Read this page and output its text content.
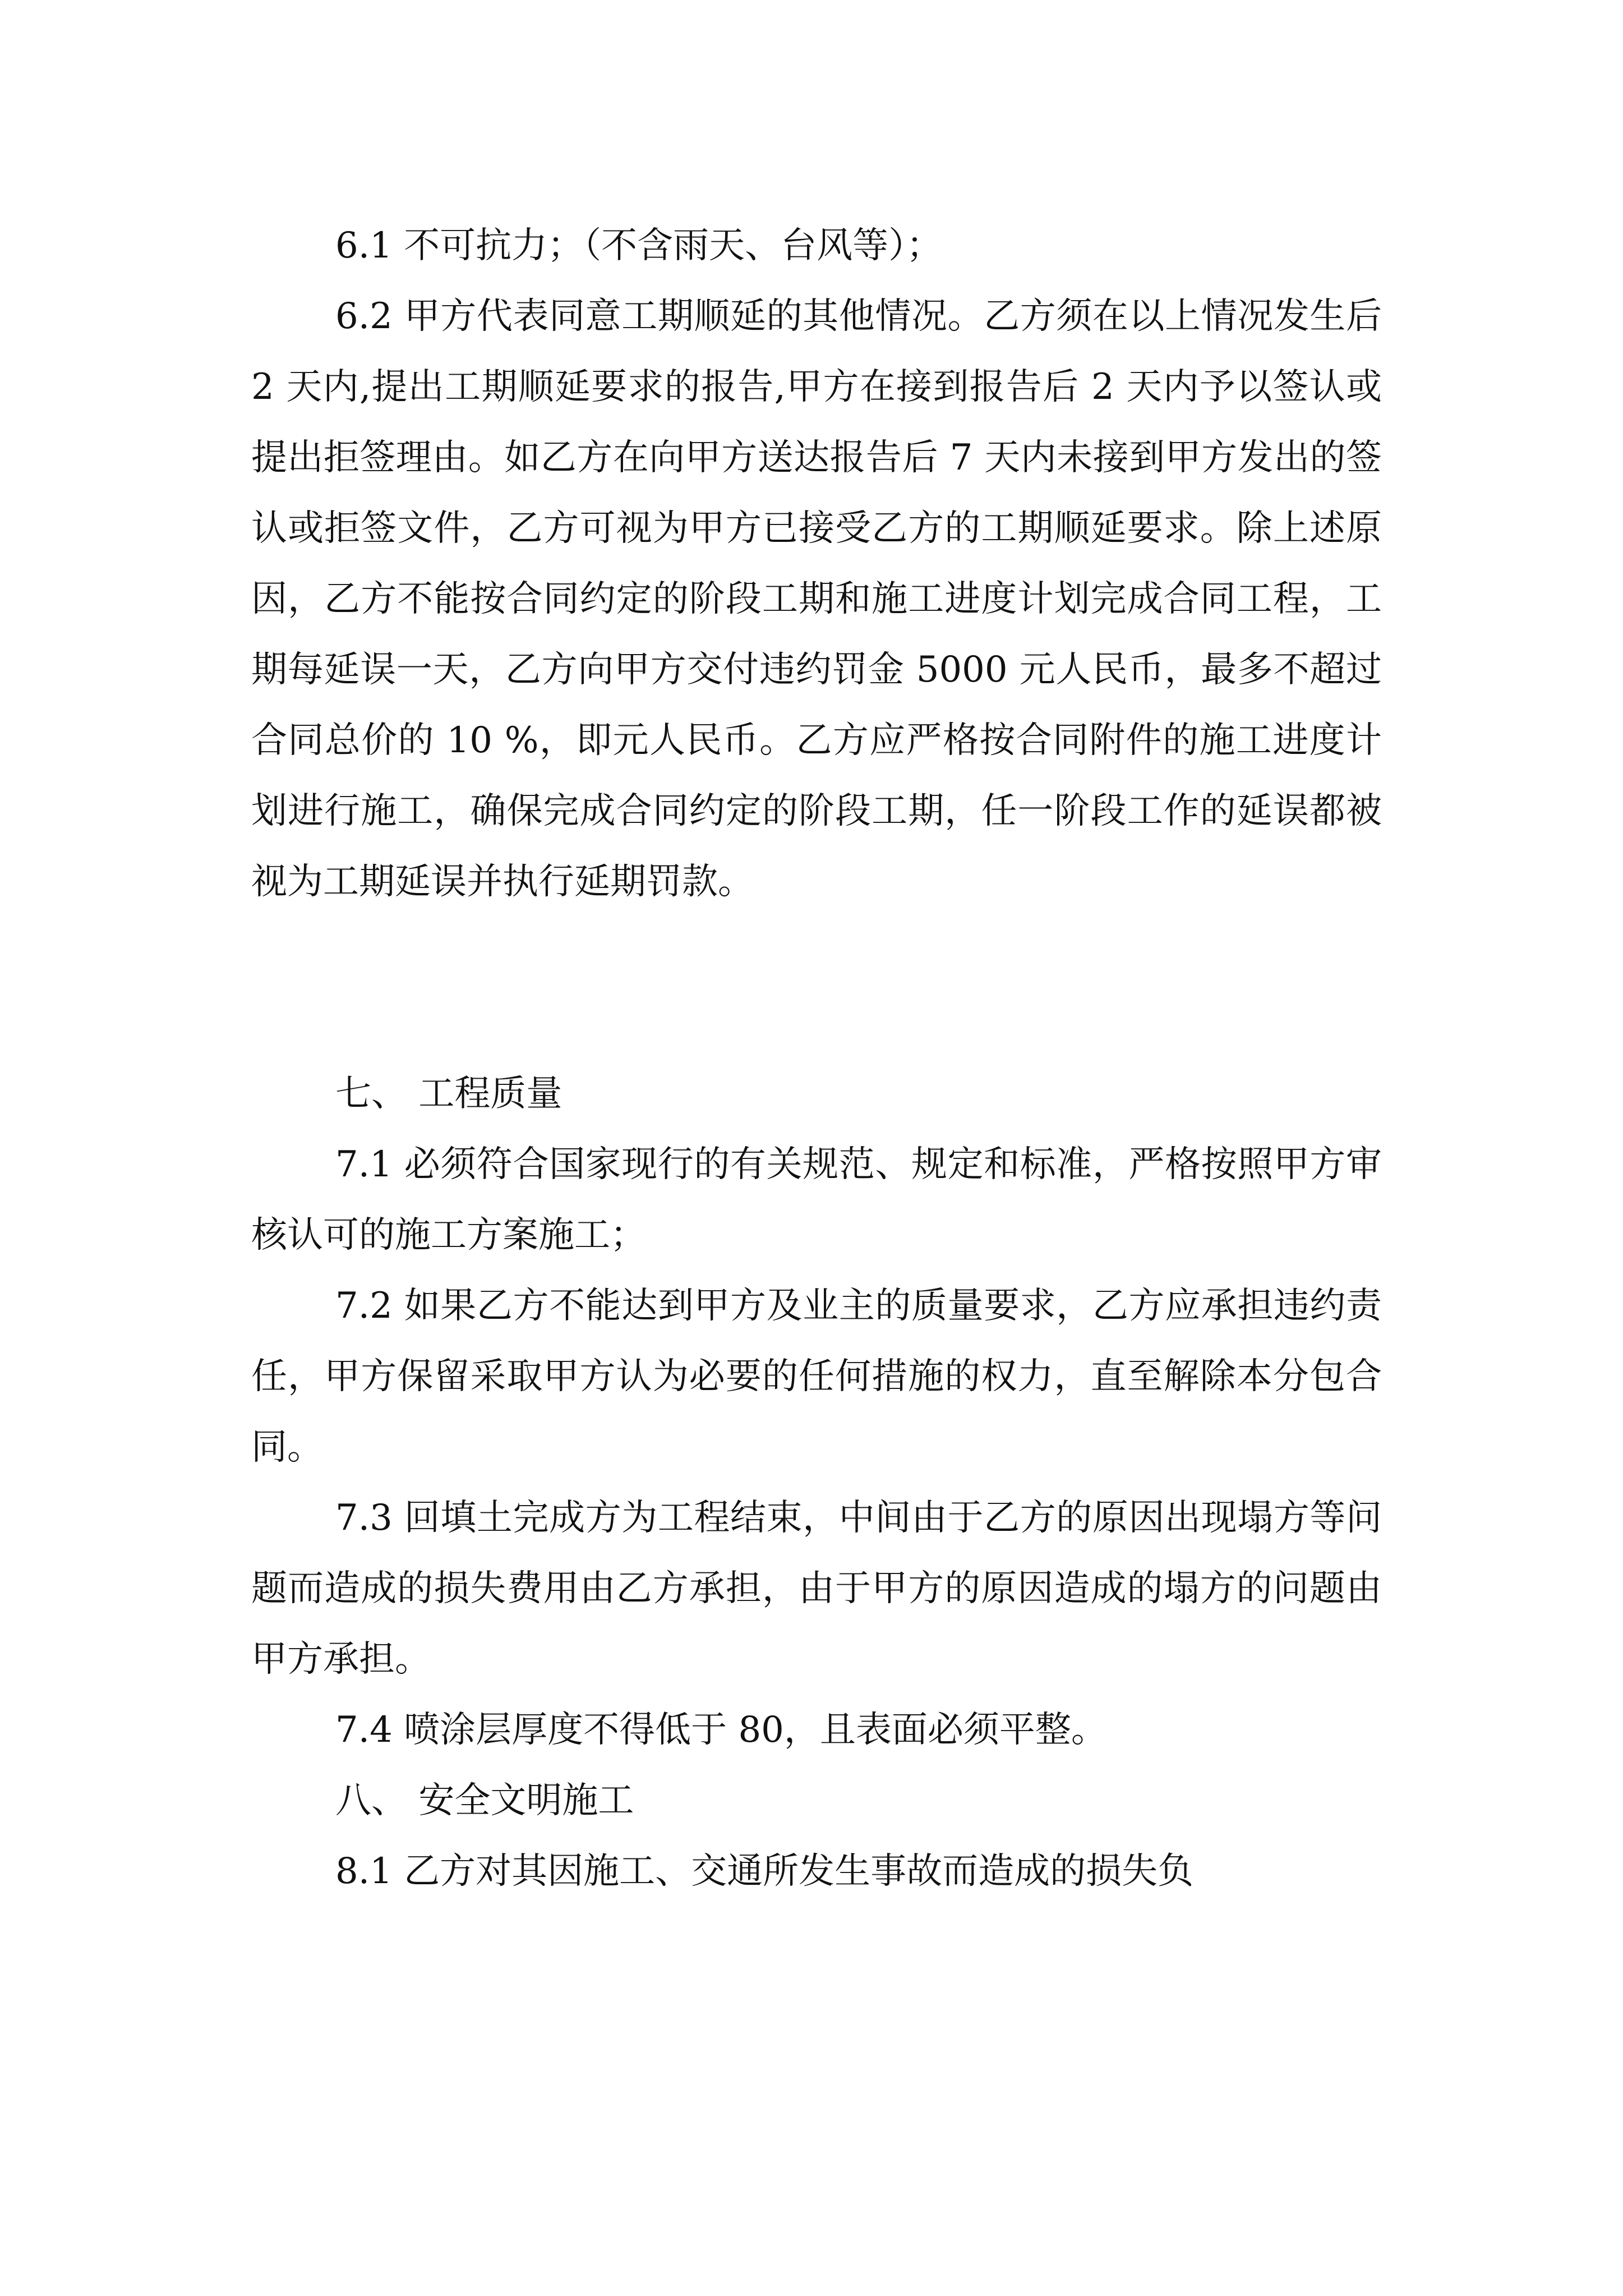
6.1 不可抗力；（不含雨天、台风等）；

6.2 甲方代表同意工期顺延的其他情况。乙方须在以上情况发生后 2 天内,提出工期顺延要求的报告,甲方在接到报告后 2 天内予以签认或提出拒签理由。如乙方在向甲方送达报告后 7 天内未接到甲方发出的签认或拒签文件，乙方可视为甲方已接受乙方的工期顺延要求。除上述原因，乙方不能按合同约定的阶段工期和施工进度计划完成合同工程，工期每延误一天，乙方向甲方交付违约罚金 5000 元人民币，最多不超过合同总价的 10 %，即元人民币。乙方应严格按合同附件的施工进度计划进行施工，确保完成合同约定的阶段工期，任一阶段工作的延误都被视为工期延误并执行延期罚款。

七、 工程质量

7.1 必须符合国家现行的有关规范、规定和标准，严格按照甲方审核认可的施工方案施工；

7.2 如果乙方不能达到甲方及业主的质量要求，乙方应承担违约责任，甲方保留采取甲方认为必要的任何措施的权力，直至解除本分包合同。

7.3 回填土完成方为工程结束，中间由于乙方的原因出现塌方等问题而造成的损失费用由乙方承担，由于甲方的原因造成的塌方的问题由甲方承担。

7.4 喷涂层厚度不得低于 80，且表面必须平整。

八、 安全文明施工

8.1 乙方对其因施工、交通所发生事故而造成的损失负
